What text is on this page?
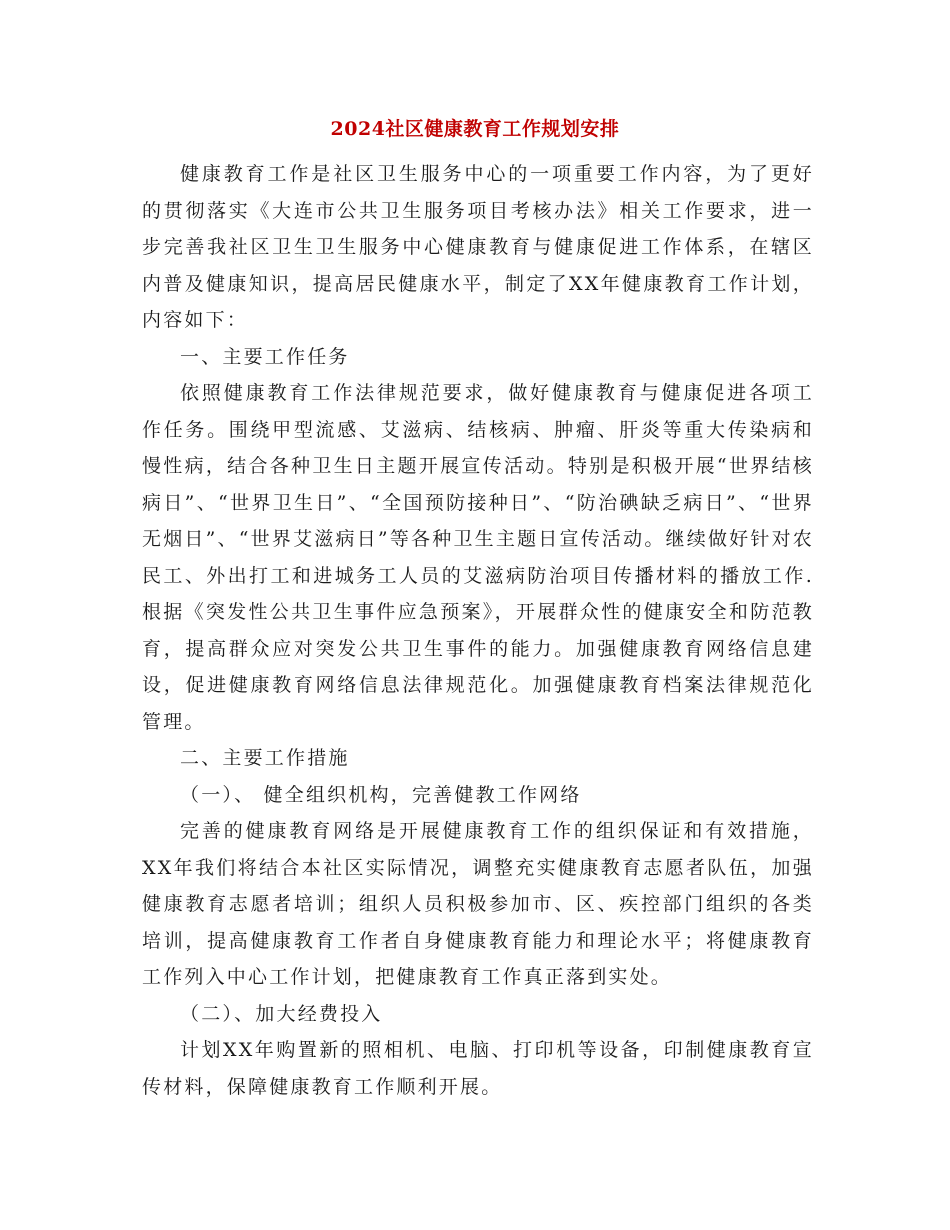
2024社区健康教育工作规划安排

健康教育工作是社区卫生服务中心的一项重要工作内容，为了更好的贯彻落实《大连市公共卫生服务项目考核办法》相关工作要求，进一步完善我社区卫生卫生服务中心健康教育与健康促进工作体系，在辖区内普及健康知识，提高居民健康水平，制定了XX年健康教育工作计划，内容如下：

一、主要工作任务

依照健康教育工作法律规范要求，做好健康教育与健康促进各项工作任务。围绕甲型流感、艾滋病、结核病、肿瘤、肝炎等重大传染病和慢性病，结合各种卫生日主题开展宣传活动。特别是积极开展“世界结核病日”、“世界卫生日”、“全国预防接种日”、“防治碘缺乏病日”、“世界无烟日”、“世界艾滋病日”等各种卫生主题日宣传活动。继续做好针对农民工、外出打工和进城务工人员的艾滋病防治项目传播材料的播放工作.根据《突发性公共卫生事件应急预案》，开展群众性的健康安全和防范教育，提高群众应对突发公共卫生事件的能力。加强健康教育网络信息建设，促进健康教育网络信息法律规范化。加强健康教育档案法律规范化管理。

二、主要工作措施

（一）、 健全组织机构，完善健教工作网络

完善的健康教育网络是开展健康教育工作的组织保证和有效措施，XX年我们将结合本社区实际情况，调整充实健康教育志愿者队伍，加强健康教育志愿者培训；组织人员积极参加市、区、疾控部门组织的各类培训，提高健康教育工作者自身健康教育能力和理论水平；将健康教育工作列入中心工作计划，把健康教育工作真正落到实处。

（二）、加大经费投入

计划XX年购置新的照相机、电脑、打印机等设备，印制健康教育宣传材料，保障健康教育工作顺利开展。
